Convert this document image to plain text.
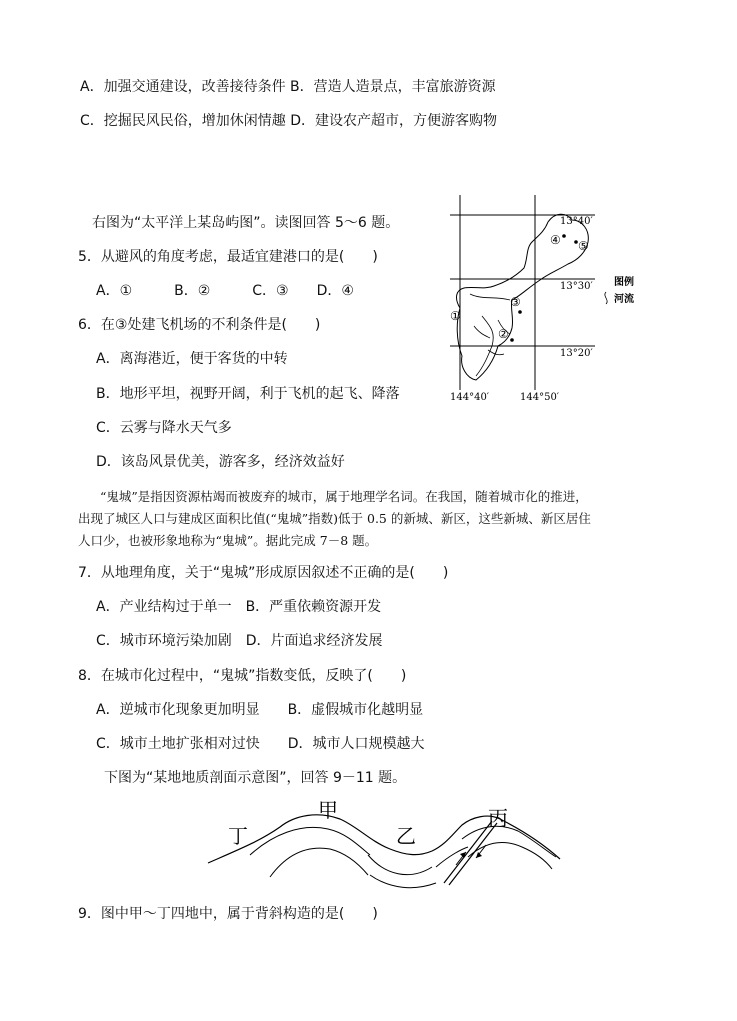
A．加强交通建设，改善接待条件 B．营造人造景点，丰富旅游资源
C．挖掘民风民俗，增加休闲情趣 D．建设农产超市，方便游客购物
右图为“太平洋上某岛屿图”。读图回答 5～6 题。
5．从避风的角度考虑，最适宜建港口的是(　　)
A．①　　　B．②　　　C．③　　D．④
6．在③处建飞机场的不利条件是(　　)
A．离海港近，便于客货的中转
B．地形平坦，视野开阔，利于飞机的起飞、降落
C．云雾与降水天气多
D．该岛风景优美，游客多，经济效益好
13°40′
13°30′
13°20′
144°40′	144°50′
①
②
③
④ ⑤
图例
河流
“鬼城”是指因资源枯竭而被废弃的城市，属于地理学名词。在我国，随着城市化的推进，
出现了城区人口与建成区面积比值(“鬼城”指数)低于 0.5 的新城、新区，这些新城、新区居住
人口少，也被形象地称为“鬼城”。据此完成 7－8 题。
7．从地理角度，关于“鬼城”形成原因叙述不正确的是(　　)
A．产业结构过于单一　B．严重依赖资源开发
C．城市环境污染加剧　D．片面追求经济发展
8．在城市化过程中，“鬼城”指数变低，反映了(　　)
A．逆城市化现象更加明显　　B．虚假城市化越明显
C．城市土地扩张相对过快　　D．城市人口规模越大
下图为“某地地质剖面示意图”，回答 9－11 题。
丁
甲
乙
丙
9．图中甲～丁四地中，属于背斜构造的是(　　)
